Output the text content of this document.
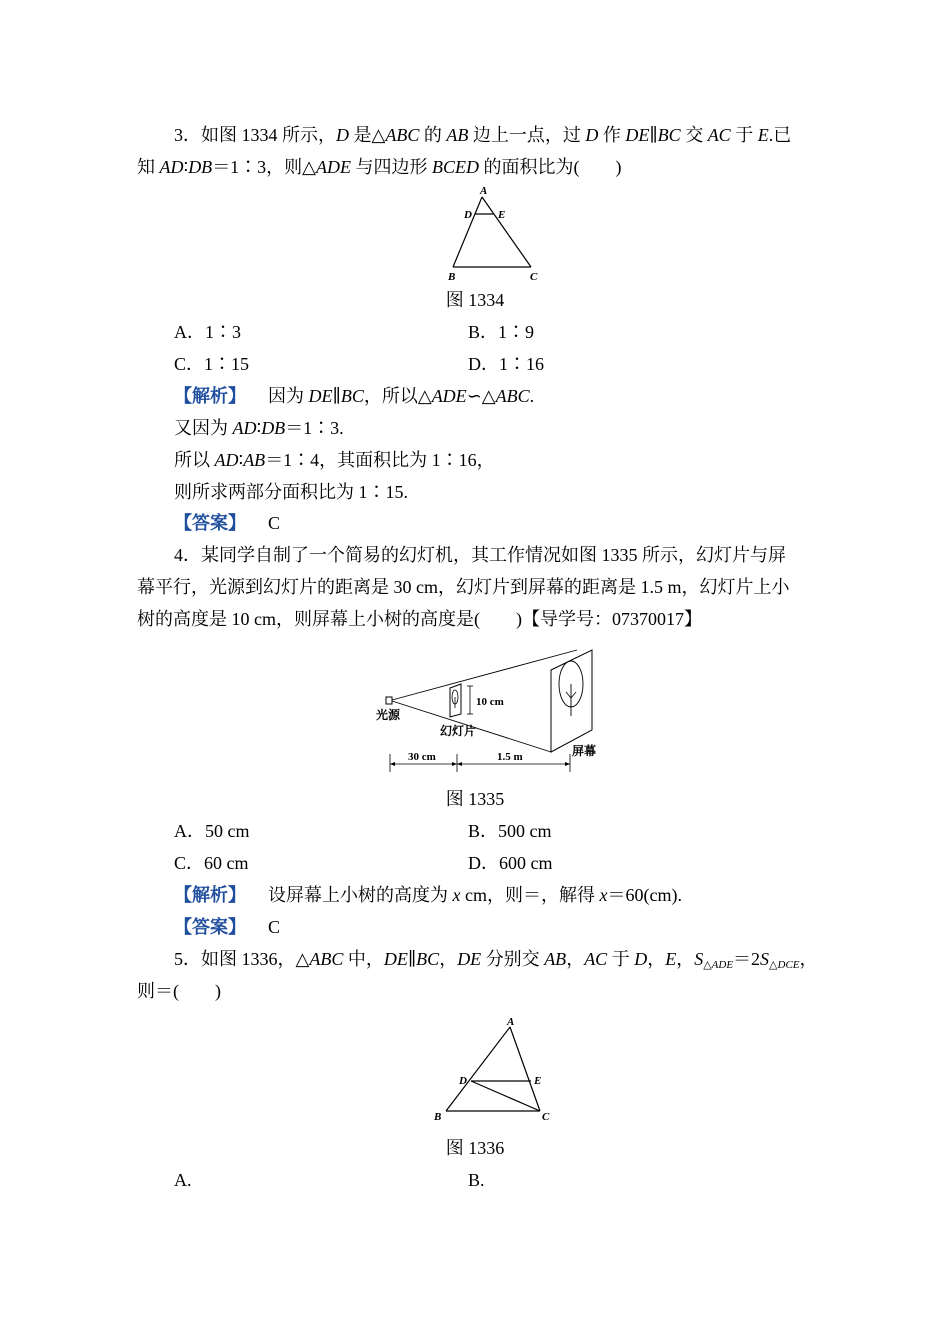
3．如图 1334 所示，D 是△ABC 的 AB 边上一点，过 D 作 DE∥BC 交 AC 于 E.已
知 AD∶DB＝1∶3，则△ADE 与四边形 BCED 的面积比为(　　)
A
D E
B	C
图 1334
A．1∶3	B．1∶9
C．1∶15	D．1∶16
【解析】 因为 DE∥BC，所以△ADE∽△ABC.
又因为 AD∶DB＝1∶3.
所以 AD∶AB＝1∶4，其面积比为 1∶16，
则所求两部分面积比为 1∶15.
【答案】 C
4．某同学自制了一个简易的幻灯机，其工作情况如图 1335 所示，幻灯片与屏
幕平行，光源到幻灯片的距离是 30 cm，幻灯片到屏幕的距离是 1.5 m，幻灯片上小
树的高度是 10 cm，则屏幕上小树的高度是(　　)【导学号：07370017】
10 cm
光源
幻灯片
屏幕
30 cm	1.5 m
图 1335
A．50 cm	B．500 cm
C．60 cm	D．600 cm
【解析】 设屏幕上小树的高度为 x cm，则＝，解得 x＝60(cm).
【答案】 C
5．如图 1336，△ABC 中，DE∥BC，DE 分别交 AB，AC 于 D，E，$S_{\triangle ADE}=2S_{\triangle DCE}$，
则＝(　　)
A
D	E
B	C
图 1336
A.	B.
